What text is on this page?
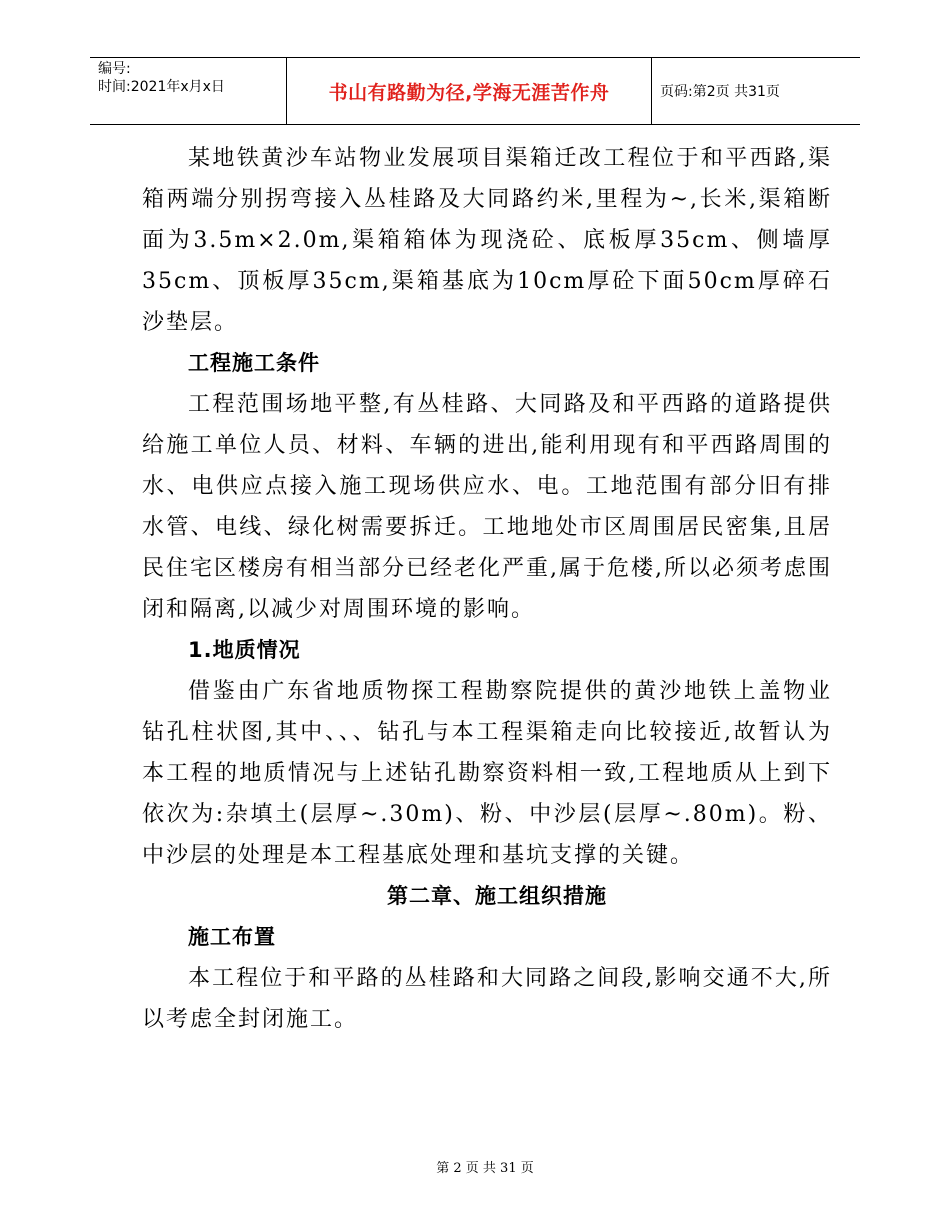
编号:
时间:2021年x月x日	书山有路勤为径,学海无涯苦作舟	页码:第2页 共31页

某地铁黄沙车站物业发展项目渠箱迁改工程位于和平西路,渠箱两端分别拐弯接入丛桂路及大同路约米,里程为~,长米,渠箱断面为3.5m×2.0m,渠箱箱体为现浇砼、底板厚35cm、侧墙厚35cm、顶板厚35cm,渠箱基底为10cm厚砼下面50cm厚碎石沙垫层。

工程施工条件

工程范围场地平整,有丛桂路、大同路及和平西路的道路提供给施工单位人员、材料、车辆的进出,能利用现有和平西路周围的水、电供应点接入施工现场供应水、电。工地范围有部分旧有排水管、电线、绿化树需要拆迁。工地地处市区周围居民密集,且居民住宅区楼房有相当部分已经老化严重,属于危楼,所以必须考虑围闭和隔离,以减少对周围环境的影响。

1.地质情况

借鉴由广东省地质物探工程勘察院提供的黄沙地铁上盖物业钻孔柱状图,其中、、、钻孔与本工程渠箱走向比较接近,故暂认为本工程的地质情况与上述钻孔勘察资料相一致,工程地质从上到下依次为:杂填土(层厚~.30m)、粉、中沙层(层厚~.80m)。粉、中沙层的处理是本工程基底处理和基坑支撑的关键。

第二章、施工组织措施

施工布置

本工程位于和平路的丛桂路和大同路之间段,影响交通不大,所以考虑全封闭施工。

第 2 页 共 31 页
